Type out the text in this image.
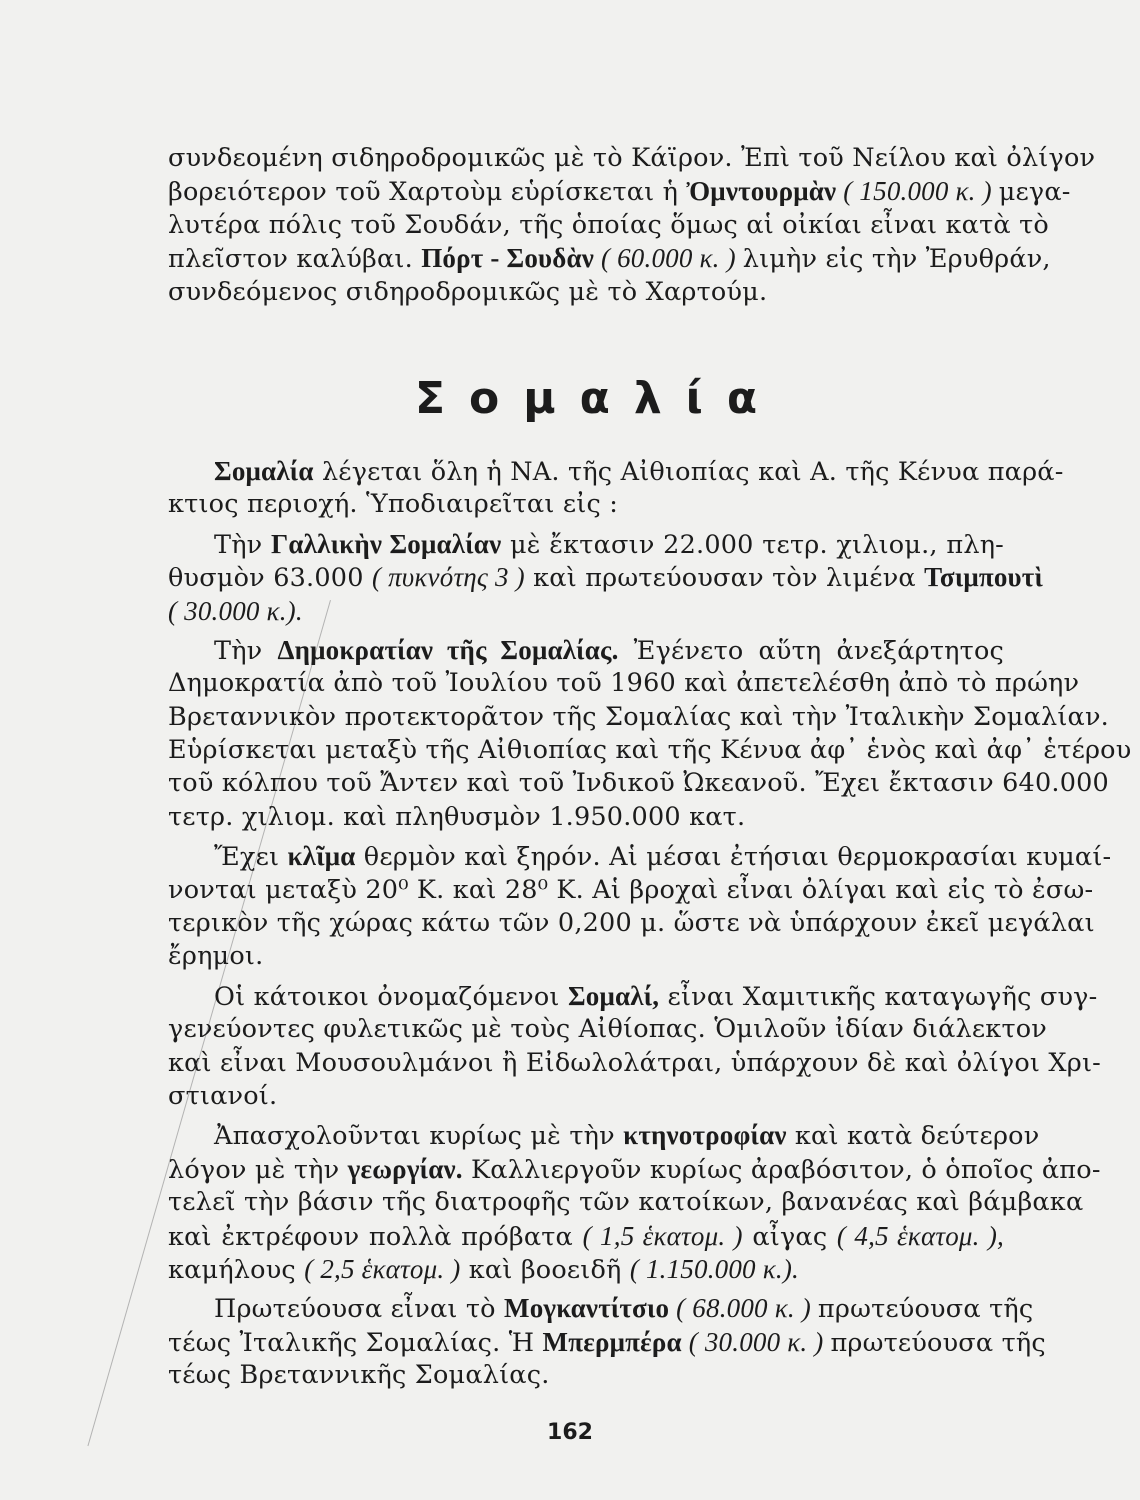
συνδεομένη σιδηροδρομικῶς μὲ τὸ Κάϊρον. Ἐπὶ τοῦ Νείλου καὶ ὀλίγον
βορειότερον τοῦ Χαρτοὺμ εὑρίσκεται ἡ Ὀμντουρμὰν ( 150.000 κ. ) μεγα-
λυτέρα πόλις τοῦ Σουδάν, τῆς ὁποίας ὅμως αἱ οἰκίαι εἶναι κατὰ τὸ
πλεῖστον καλύβαι. Πόρτ - Σουδὰν ( 60.000 κ. ) λιμὴν εἰς τὴν Ἐρυθράν,
συνδεόμενος σιδηροδρομικῶς μὲ τὸ Χαρτούμ.
Σομαλία
Σομαλία λέγεται ὅλη ἡ ΝΑ. τῆς Αἰθιοπίας καὶ Α. τῆς Κένυα παρά-
κτιος περιοχή. Ὑποδιαιρεῖται εἰς :
Τὴν Γαλλικὴν Σομαλίαν μὲ ἔκτασιν 22.000 τετρ. χιλιομ., πλη-
θυσμὸν 63.000 ( πυκνότης 3 ) καὶ πρωτεύουσαν τὸν λιμένα Τσιμπουτὶ
( 30.000 κ.).
Τὴν Δημοκρατίαν τῆς Σομαλίας. Ἐγένετο αὕτη ἀνεξάρτητος
Δημοκρατία ἀπὸ τοῦ Ἰουλίου τοῦ 1960 καὶ ἀπετελέσθη ἀπὸ τὸ πρώην
Βρεταννικὸν προτεκτορᾶτον τῆς Σομαλίας καὶ τὴν Ἰταλικὴν Σομαλίαν.
Εὑρίσκεται μεταξὺ τῆς Αἰθιοπίας καὶ τῆς Κένυα ἀφ᾽ ἑνὸς καὶ ἀφ᾽ ἑτέρου
τοῦ κόλπου τοῦ Ἄντεν καὶ τοῦ Ἰνδικοῦ Ὠκεανοῦ. Ἔχει ἔκτασιν 640.000
τετρ. χιλιομ. καὶ πληθυσμὸν 1.950.000 κατ.
Ἔχει κλῖμα θερμὸν καὶ ξηρόν. Αἱ μέσαι ἐτήσιαι θερμοκρασίαι κυμαί-
νονται μεταξὺ 20⁰ Κ. καὶ 28⁰ Κ. Αἱ βροχαὶ εἶναι ὀλίγαι καὶ εἰς τὸ ἐσω-
τερικὸν τῆς χώρας κάτω τῶν 0,200 μ. ὥστε νὰ ὑπάρχουν ἐκεῖ μεγάλαι
ἔρημοι.
Οἱ κάτοικοι ὀνομαζόμενοι Σομαλί, εἶναι Χαμιτικῆς καταγωγῆς συγ-
γενεύοντες φυλετικῶς μὲ τοὺς Αἰθίοπας. Ὁμιλοῦν ἰδίαν διάλεκτον
καὶ εἶναι Μουσουλμάνοι ἢ Εἰδωλολάτραι, ὑπάρχουν δὲ καὶ ὀλίγοι Χρι-
στιανοί.
Ἀπασχολοῦνται κυρίως μὲ τὴν κτηνοτροφίαν καὶ κατὰ δεύτερον
λόγον μὲ τὴν γεωργίαν. Καλλιεργοῦν κυρίως ἀραβόσιτον, ὁ ὁποῖος ἀπο-
τελεῖ τὴν βάσιν τῆς διατροφῆς τῶν κατοίκων, βανανέας καὶ βάμβακα
καὶ ἐκτρέφουν πολλὰ πρόβατα ( 1,5 ἑκατομ. ) αἶγας ( 4,5 ἑκατομ. ),
καμήλους ( 2,5 ἑκατομ. ) καὶ βοοειδῆ ( 1.150.000 κ.).
Πρωτεύουσα εἶναι τὸ Μογκαντίτσιο ( 68.000 κ. ) πρωτεύουσα τῆς
τέως Ἰταλικῆς Σομαλίας. Ἡ Μπερμπέρα ( 30.000 κ. ) πρωτεύουσα τῆς
τέως Βρεταννικῆς Σομαλίας.
162
